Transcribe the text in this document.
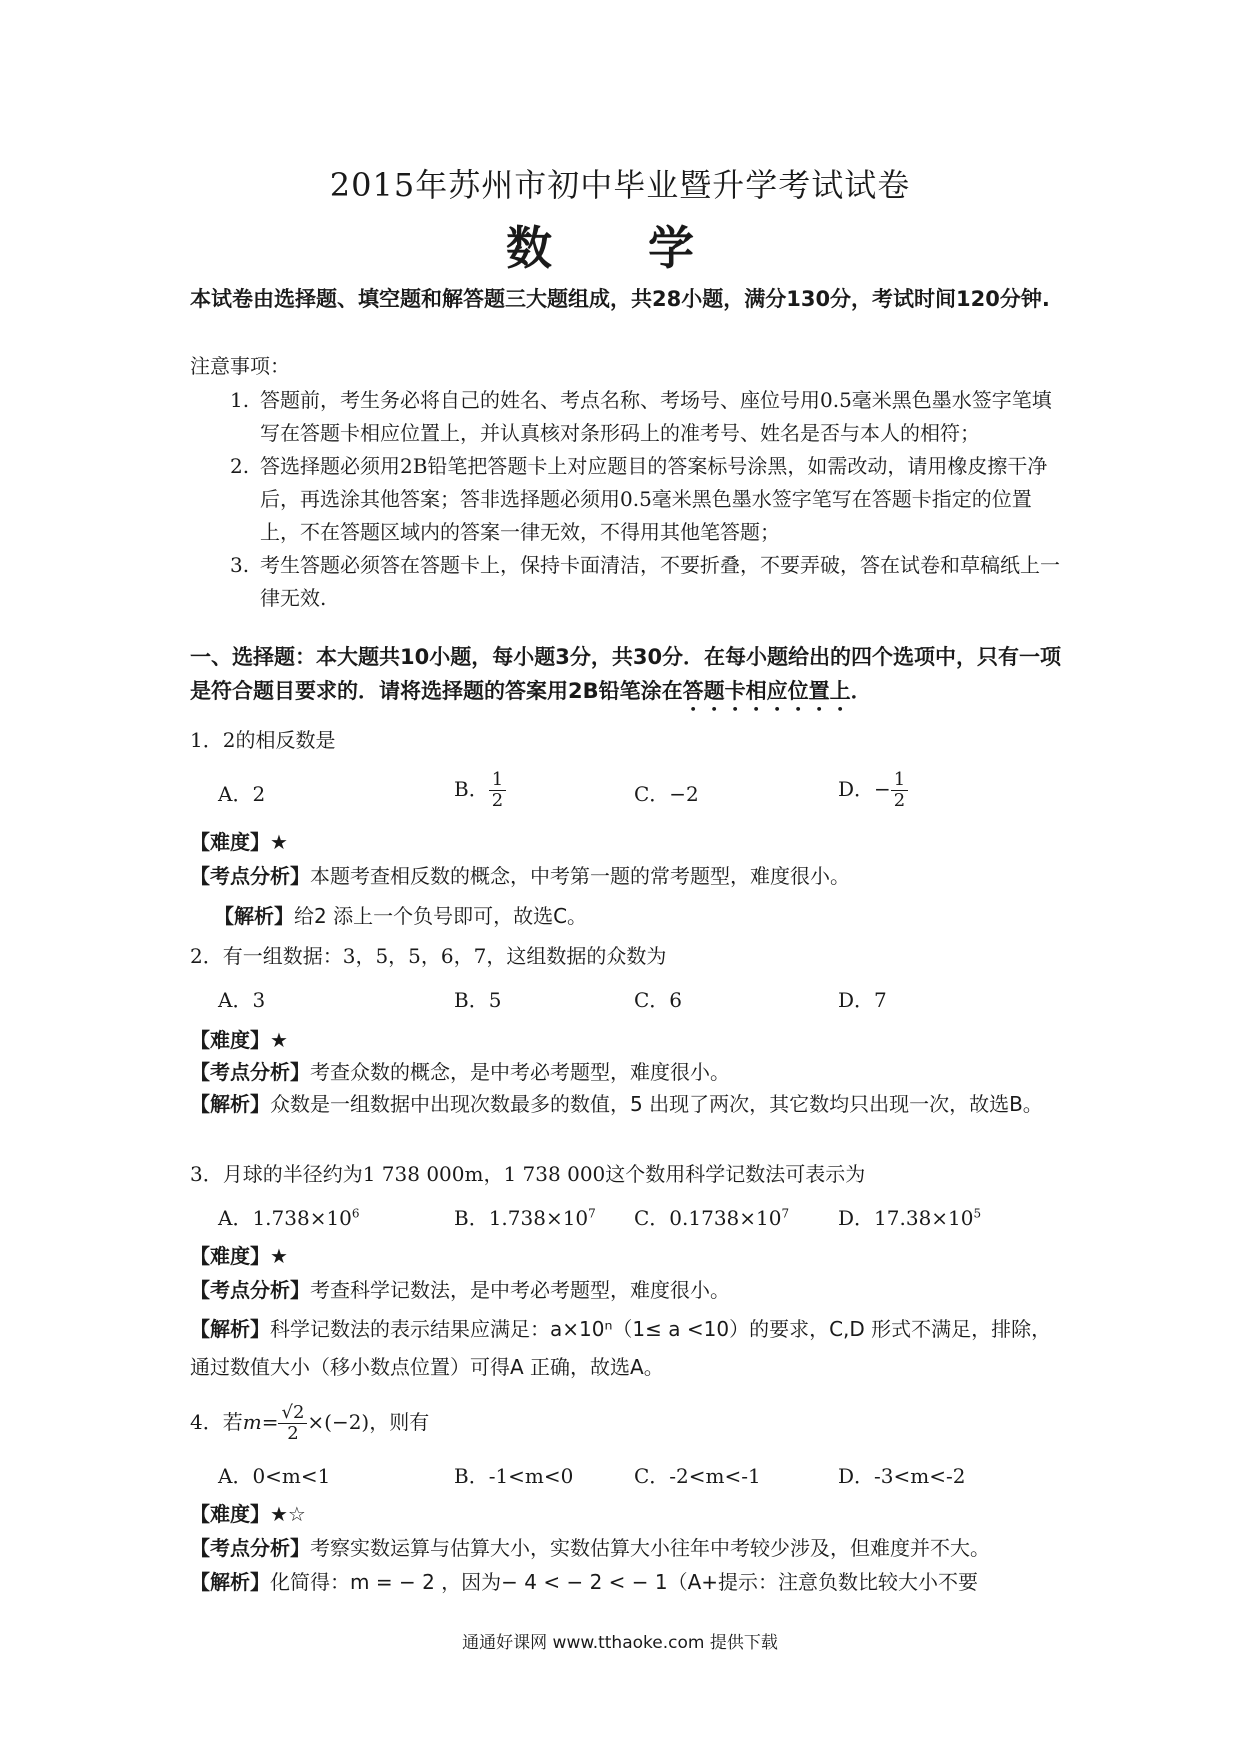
2015年苏州市初中毕业暨升学考试试卷
数 学
本试卷由选择题、填空题和解答题三大题组成，共28小题，满分130分，考试时间120分钟.
注意事项：
1. 答题前，考生务必将自己的姓名、考点名称、考场号、座位号用0.5毫米黑色墨水签字笔填写在答题卡相应位置上，并认真核对条形码上的准考号、姓名是否与本人的相符；
2. 答选择题必须用2B铅笔把答题卡上对应题目的答案标号涂黑，如需改动，请用橡皮擦干净后，再选涂其他答案；答非选择题必须用0.5毫米黑色墨水签字笔写在答题卡指定的位置上，不在答题区域内的答案一律无效，不得用其他笔答题；
3. 考生答题必须答在答题卡上，保持卡面清洁，不要折叠，不要弄破，答在试卷和草稿纸上一律无效.
一、选择题：本大题共10小题，每小题3分，共30分．在每小题给出的四个选项中，只有一项是符合题目要求的．请将选择题的答案用2B铅笔涂在答题卡相应位置上．
1．2的相反数是
A．2	B． $\frac{1}{2}$	C．−2	D．− $\frac{1}{2}$
【难度】★
【考点分析】本题考查相反数的概念，中考第一题的常考题型，难度很小。
【解析】给2 添上一个负号即可，故选C。
2．有一组数据：3，5，5，6，7，这组数据的众数为
A．3	B．5	C．6	D．7
【难度】★
【考点分析】考查众数的概念，是中考必考题型，难度很小。
【解析】众数是一组数据中出现次数最多的数值，5 出现了两次，其它数均只出现一次，故选B。
3．月球的半径约为1 738 000m，1 738 000这个数用科学记数法可表示为
A．$1.738\times 10^6$	B．$1.738\times 10^7$ C．$0.1738\times 10^7$ D．$17.38\times 10^5$
【难度】★
【考点分析】考查科学记数法，是中考必考题型，难度很小。
【解析】科学记数法的表示结果应满足：a×10ⁿ（1≤ a <10）的要求，C,D 形式不满足，排除，通过数值大小（移小数点位置）可得A 正确，故选A。
4．若$m= \frac{√2}{2} \times(-2)$，则有
A．0<m<1	B．-1<m<0	C．-2<m<-1	D．-3<m<-2
【难度】★☆
【考点分析】考察实数运算与估算大小，实数估算大小往年中考较少涉及，但难度并不大。
【解析】化简得：m = − 2 ，因为− 4 < − 2 < − 1（A+提示：注意负数比较大小不要
通通好课网 www.tthaoke.com 提供下载
